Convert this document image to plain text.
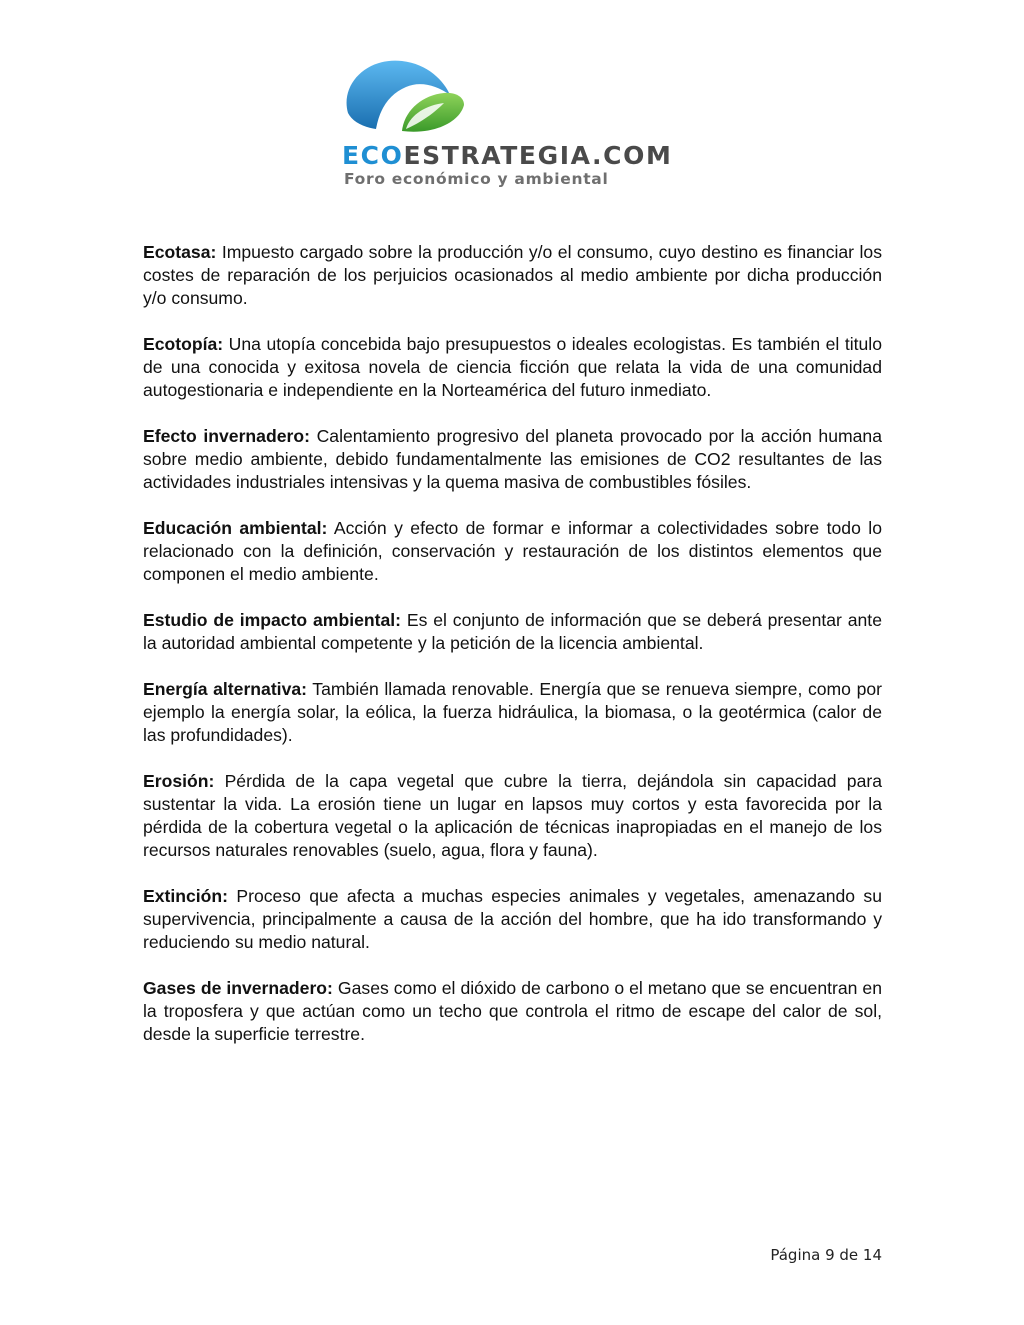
ECOESTRATEGIA.COM
Foro económico y ambiental

Ecotasa: Impuesto cargado sobre la producción y/o el consumo, cuyo destino es financiar los costes de reparación de los perjuicios ocasionados al medio ambiente por dicha producción y/o consumo.

Ecotopía: Una utopía concebida bajo presupuestos o ideales ecologistas. Es también el titulo de una conocida y exitosa novela de ciencia ficción que relata la vida de una comunidad autogestionaria e independiente en la Norteamérica del futuro inmediato.

Efecto invernadero: Calentamiento progresivo del planeta provocado por la acción humana sobre medio ambiente, debido fundamentalmente las emisiones de CO2 resultantes de las actividades industriales intensivas y la quema masiva de combustibles fósiles.

Educación ambiental: Acción y efecto de formar e informar a colectividades sobre todo lo relacionado con la definición, conservación y restauración de los distintos elementos que componen el medio ambiente.

Estudio de impacto ambiental: Es el conjunto de información que se deberá presentar ante la autoridad ambiental competente y la petición de la licencia ambiental.

Energía alternativa: También llamada renovable. Energía que se renueva siempre, como por ejemplo la energía solar, la eólica, la fuerza hidráulica, la biomasa, o la geotérmica (calor de las profundidades).

Erosión: Pérdida de la capa vegetal que cubre la tierra, dejándola sin capacidad para sustentar la vida. La erosión tiene un lugar en lapsos muy cortos y esta favorecida por la pérdida de la cobertura vegetal o la aplicación de técnicas inapropiadas en el manejo de los recursos naturales renovables (suelo, agua, flora y fauna).

Extinción: Proceso que afecta a muchas especies animales y vegetales, amenazando su supervivencia, principalmente a causa de la acción del hombre, que ha ido transformando y reduciendo su medio natural.

Gases de invernadero: Gases como el dióxido de carbono o el metano que se encuentran en la troposfera y que actúan como un techo que controla el ritmo de escape del calor de sol, desde la superficie terrestre.

Página 9 de 14
